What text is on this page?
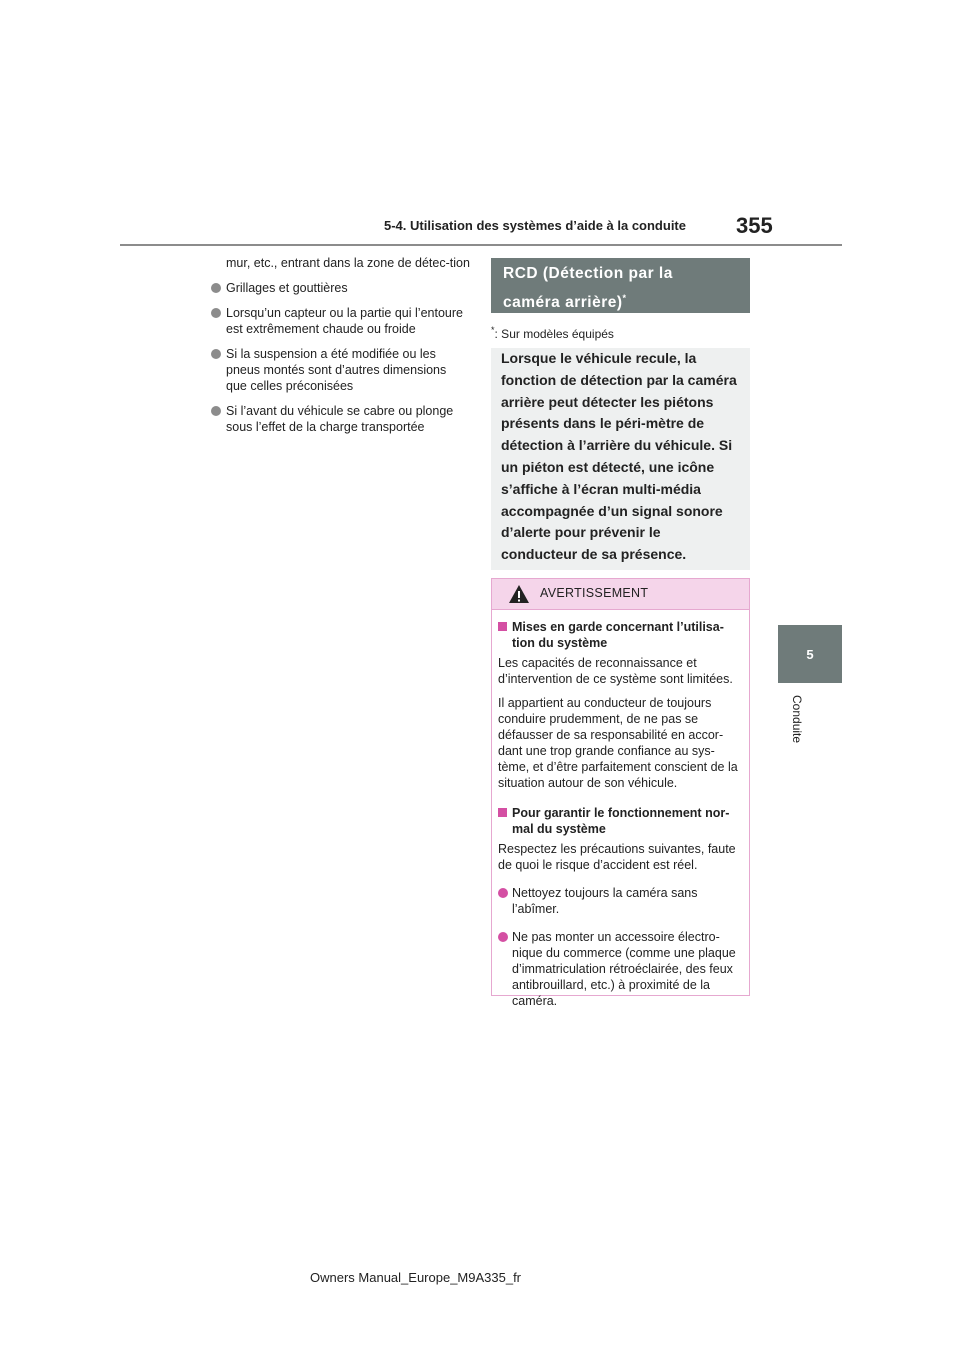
5-4. Utilisation des systèmes d’aide à la conduite 355
5
Conduite

mur, etc., entrant dans la zone de détec-tion

Grillages et gouttières
Lorsqu’un capteur ou la partie qui l’entoure est extrêmement chaude ou froide
Si la suspension a été modifiée ou les pneus montés sont d’autres dimensions que celles préconisées
Si l’avant du véhicule se cabre ou plonge sous l’effet de la charge transportée
RCD (Détection par la
caméra arrière)*
*: Sur modèles équipés
Lorsque le véhicule recule, la fonction de détection par la caméra arrière peut détecter les piétons présents dans le péri-mètre de détection à l’arrière du véhicule. Si un piéton est détecté, une icône s’affiche à l’écran multi-média accompagnée d’un signal sonore d’alerte pour prévenir le conducteur de sa présence.
AVERTISSEMENT
Mises en garde concernant l’utilisa-tion du système

Les capacités de reconnaissance et d’intervention de ce système sont limitées.

Il appartient au conducteur de toujours conduire prudemment, de ne pas se défausser de sa responsabilité en accor-dant une trop grande confiance au sys-tème, et d’être parfaitement conscient de la situation autour de son véhicule.

Pour garantir le fonctionnement nor-mal du système

Respectez les précautions suivantes, faute de quoi le risque d’accident est réel.

Nettoyez toujours la caméra sans l’abîmer.
Ne pas monter un accessoire électro-nique du commerce (comme une plaque d’immatriculation rétroéclairée, des feux antibrouillard, etc.) à proximité de la caméra.
Owners Manual_Europe_M9A335_fr
